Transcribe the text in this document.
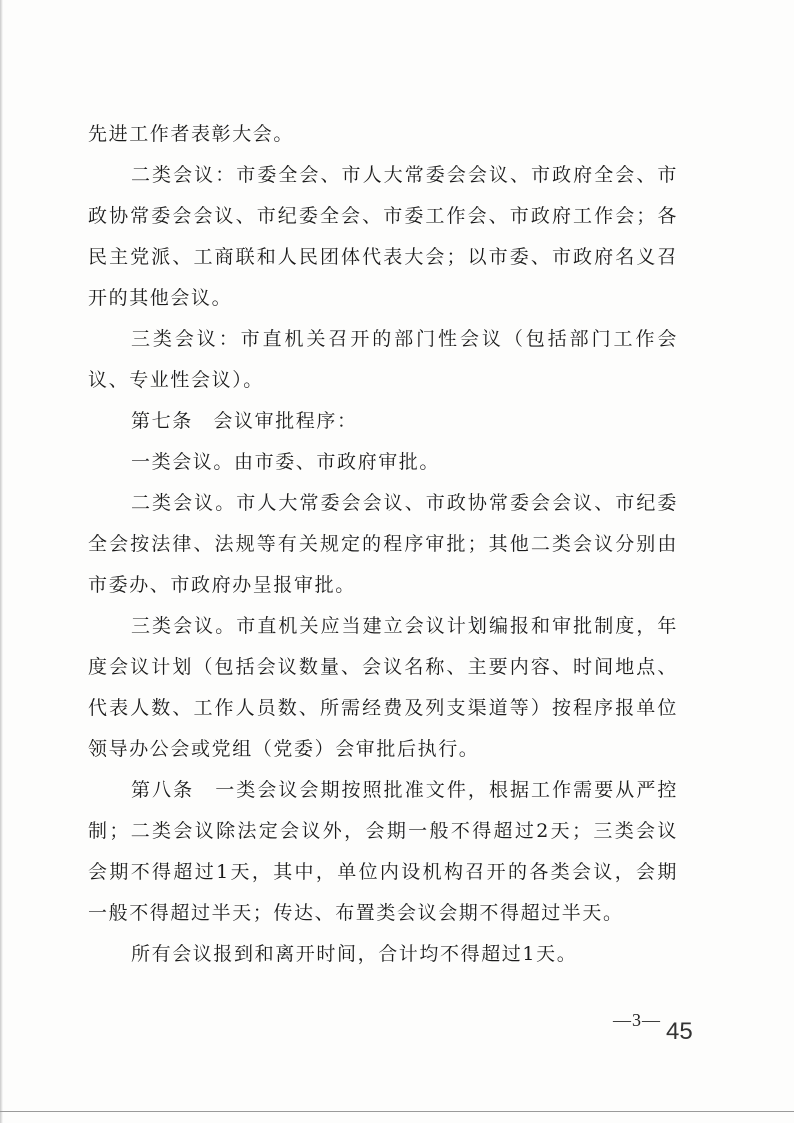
先进工作者表彰大会。

二类会议：市委全会、市人大常委会会议、市政府全会、市政协常委会会议、市纪委全会、市委工作会、市政府工作会；各民主党派、工商联和人民团体代表大会；以市委、市政府名义召开的其他会议。

三类会议：市直机关召开的部门性会议（包括部门工作会议、专业性会议）。

第七条　会议审批程序：

一类会议。由市委、市政府审批。

二类会议。市人大常委会会议、市政协常委会会议、市纪委全会按法律、法规等有关规定的程序审批；其他二类会议分别由市委办、市政府办呈报审批。

三类会议。市直机关应当建立会议计划编报和审批制度，年度会议计划（包括会议数量、会议名称、主要内容、时间地点、代表人数、工作人员数、所需经费及列支渠道等）按程序报单位领导办公会或党组（党委）会审批后执行。

第八条　一类会议会期按照批准文件，根据工作需要从严控制；二类会议除法定会议外，会期一般不得超过2天；三类会议会期不得超过1天，其中，单位内设机构召开的各类会议，会期一般不得超过半天；传达、布置类会议会期不得超过半天。

所有会议报到和离开时间，合计均不得超过1天。

—3— 45
